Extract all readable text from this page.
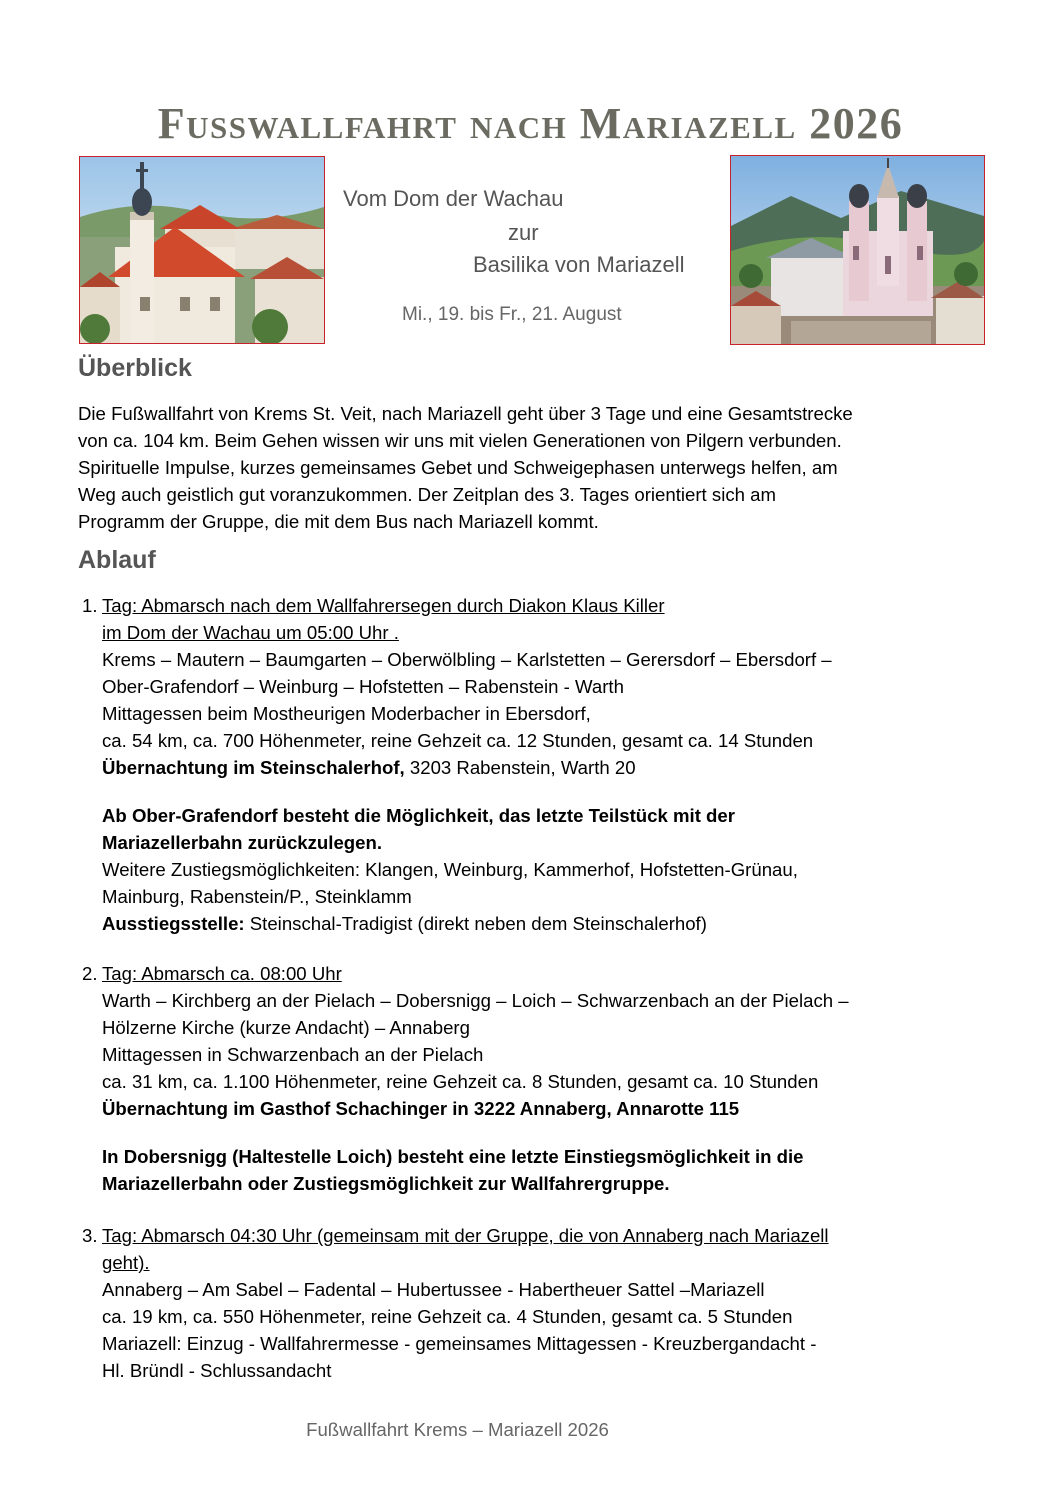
Fusswallfahrt nach Mariazell 2026
Vom Dom der Wachau
zur
Basilika von Mariazell
Mi., 19. bis Fr., 21. August
Überblick
Die Fußwallfahrt von Krems St. Veit, nach Mariazell geht über 3 Tage und eine Gesamtstrecke
von ca. 104 km. Beim Gehen wissen wir uns mit vielen Generationen von Pilgern verbunden.
Spirituelle Impulse, kurzes gemeinsames Gebet und Schweigephasen unterwegs helfen, am
Weg auch geistlich gut voranzukommen. Der Zeitplan des 3. Tages orientiert sich am
Programm der Gruppe, die mit dem Bus nach Mariazell kommt.
Ablauf
1. Tag: Abmarsch nach dem Wallfahrersegen durch Diakon Klaus Killer
im Dom der Wachau um 05:00 Uhr .
Krems – Mautern – Baumgarten – Oberwölbling – Karlstetten – Gerersdorf – Ebersdorf –
Ober-Grafendorf – Weinburg – Hofstetten – Rabenstein - Warth
Mittagessen beim Mostheurigen Moderbacher in Ebersdorf,
ca. 54 km, ca. 700 Höhenmeter, reine Gehzeit ca. 12 Stunden, gesamt ca. 14 Stunden
Übernachtung im Steinschalerhof, 3203 Rabenstein, Warth 20
Ab Ober-Grafendorf besteht die Möglichkeit, das letzte Teilstück mit der
Mariazellerbahn zurückzulegen.
Weitere Zustiegsmöglichkeiten: Klangen, Weinburg, Kammerhof, Hofstetten-Grünau,
Mainburg, Rabenstein/P., Steinklamm
Ausstiegsstelle: Steinschal-Tradigist (direkt neben dem Steinschalerhof)
2. Tag: Abmarsch ca. 08:00 Uhr
Warth – Kirchberg an der Pielach – Dobersnigg – Loich – Schwarzenbach an der Pielach –
Hölzerne Kirche (kurze Andacht) – Annaberg
Mittagessen in Schwarzenbach an der Pielach
ca. 31 km, ca. 1.100 Höhenmeter, reine Gehzeit ca. 8 Stunden, gesamt ca. 10 Stunden
Übernachtung im Gasthof Schachinger in 3222 Annaberg, Annarotte 115
In Dobersnigg (Haltestelle Loich) besteht eine letzte Einstiegsmöglichkeit in die
Mariazellerbahn oder Zustiegsmöglichkeit zur Wallfahrergruppe.
3. Tag: Abmarsch 04:30 Uhr (gemeinsam mit der Gruppe, die von Annaberg nach Mariazell
geht).
Annaberg – Am Sabel – Fadental – Hubertussee - Habertheuer Sattel –Mariazell
ca. 19 km, ca. 550 Höhenmeter, reine Gehzeit ca. 4 Stunden, gesamt ca. 5 Stunden
Mariazell: Einzug - Wallfahrermesse - gemeinsames Mittagessen - Kreuzbergandacht -
Hl. Bründl - Schlussandacht
Fußwallfahrt Krems – Mariazell 2026
